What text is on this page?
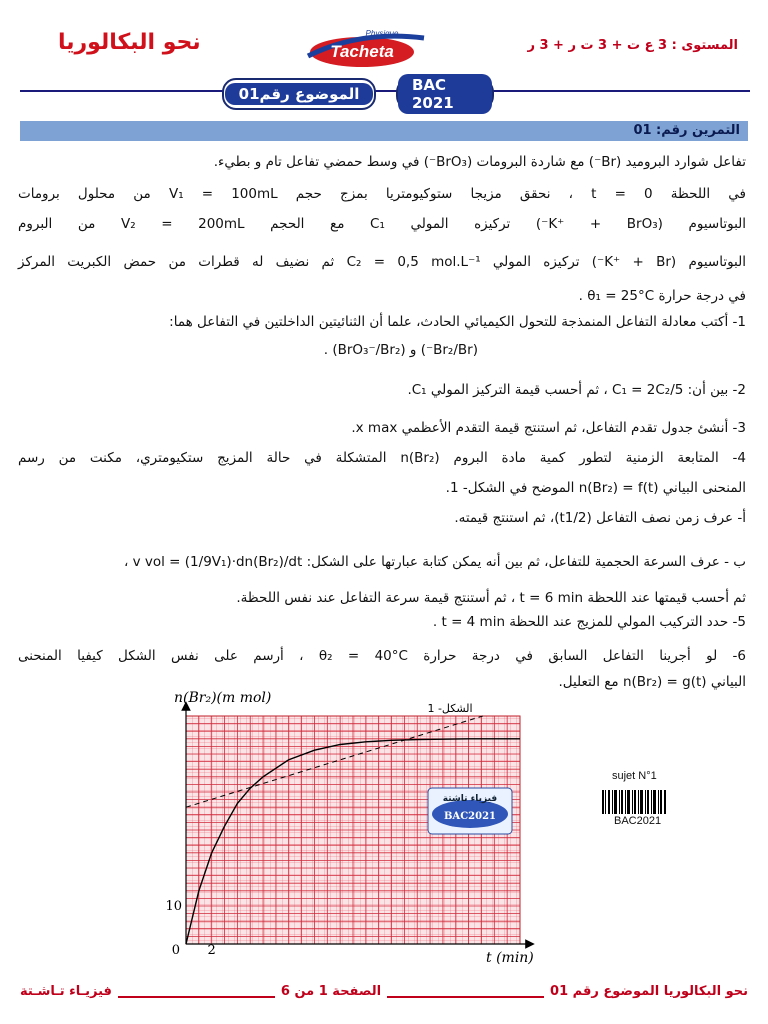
المستوى : 3 ع ت + 3 ت ر + 3 ر
نحو البكالوريا	Tacheta
Physique
BAC 2021
الموضوع رقم01
التمرين رقم: 01
تفاعل شوارد البروميد (Br⁻) مع شاردة البرومات (BrO₃⁻) في وسط حمضي تفاعل تام و بطيء.
في اللحظة t = 0 ، نحقق مزيجا ستوكيومتريا بمزج حجم V₁ = 100mL من محلول برومات
البوتاسيوم (K⁺ + BrO₃⁻) تركيزه المولي C₁ مع الحجم V₂ = 200mL من البروم
البوتاسيوم (K⁺ + Br⁻) تركيزه المولي C₂ = 0,5 mol.L⁻¹ ثم نضيف له قطرات من حمض الكبريت المركز
في درجة حرارة θ₁ = 25°C .
1- أكتب معادلة التفاعل المنمذجة للتحول الكيميائي الحادث، علما أن الثنائيتين الداخلتين في التفاعل هما:
(Br₂/Br⁻) و (BrO₃⁻/Br₂) .
2- بين أن: C₁ = 2C₂/5 ، ثم أحسب قيمة التركيز المولي C₁.
3- أنشئ جدول تقدم التفاعل، ثم استنتج قيمة التقدم الأعظمي x max.
4- المتابعة الزمنية لتطور كمية مادة البروم n(Br₂) المتشكلة في حالة المزيج ستكيومتري، مكنت من رسم
المنحنى البياني n(Br₂) = f(t) الموضح في الشكل- 1.
أ- عرف زمن نصف التفاعل (t1/2)، ثم استنتج قيمته.
ب - عرف السرعة الحجمية للتفاعل، ثم بين أنه يمكن كتابة عبارتها على الشكل: v vol = (1/9V₁)·dn(Br₂)/dt ،
ثم أحسب قيمتها عند اللحظة t = 6 min ، ثم أستنتج قيمة سرعة التفاعل عند نفس اللحظة.
5- حدد التركيب المولي للمزيج عند اللحظة t = 4 min .
6- لو أجرينا التفاعل السابق في درجة حرارة θ₂ = 40°C ، أرسم على نفس الشكل كيفيا المنحنى
البياني n(Br₂) = g(t) مع التعليل.
0 2
10
n(Br₂)(m mol)
t (min)
الشكل- 1
فيزياء تاشتة
BAC2021
sujet N°1
BAC2021
نحو البكالوريا الموضوع رقم 01
الصفحة 1 من 6
فيزيـاء تـاشـتة
